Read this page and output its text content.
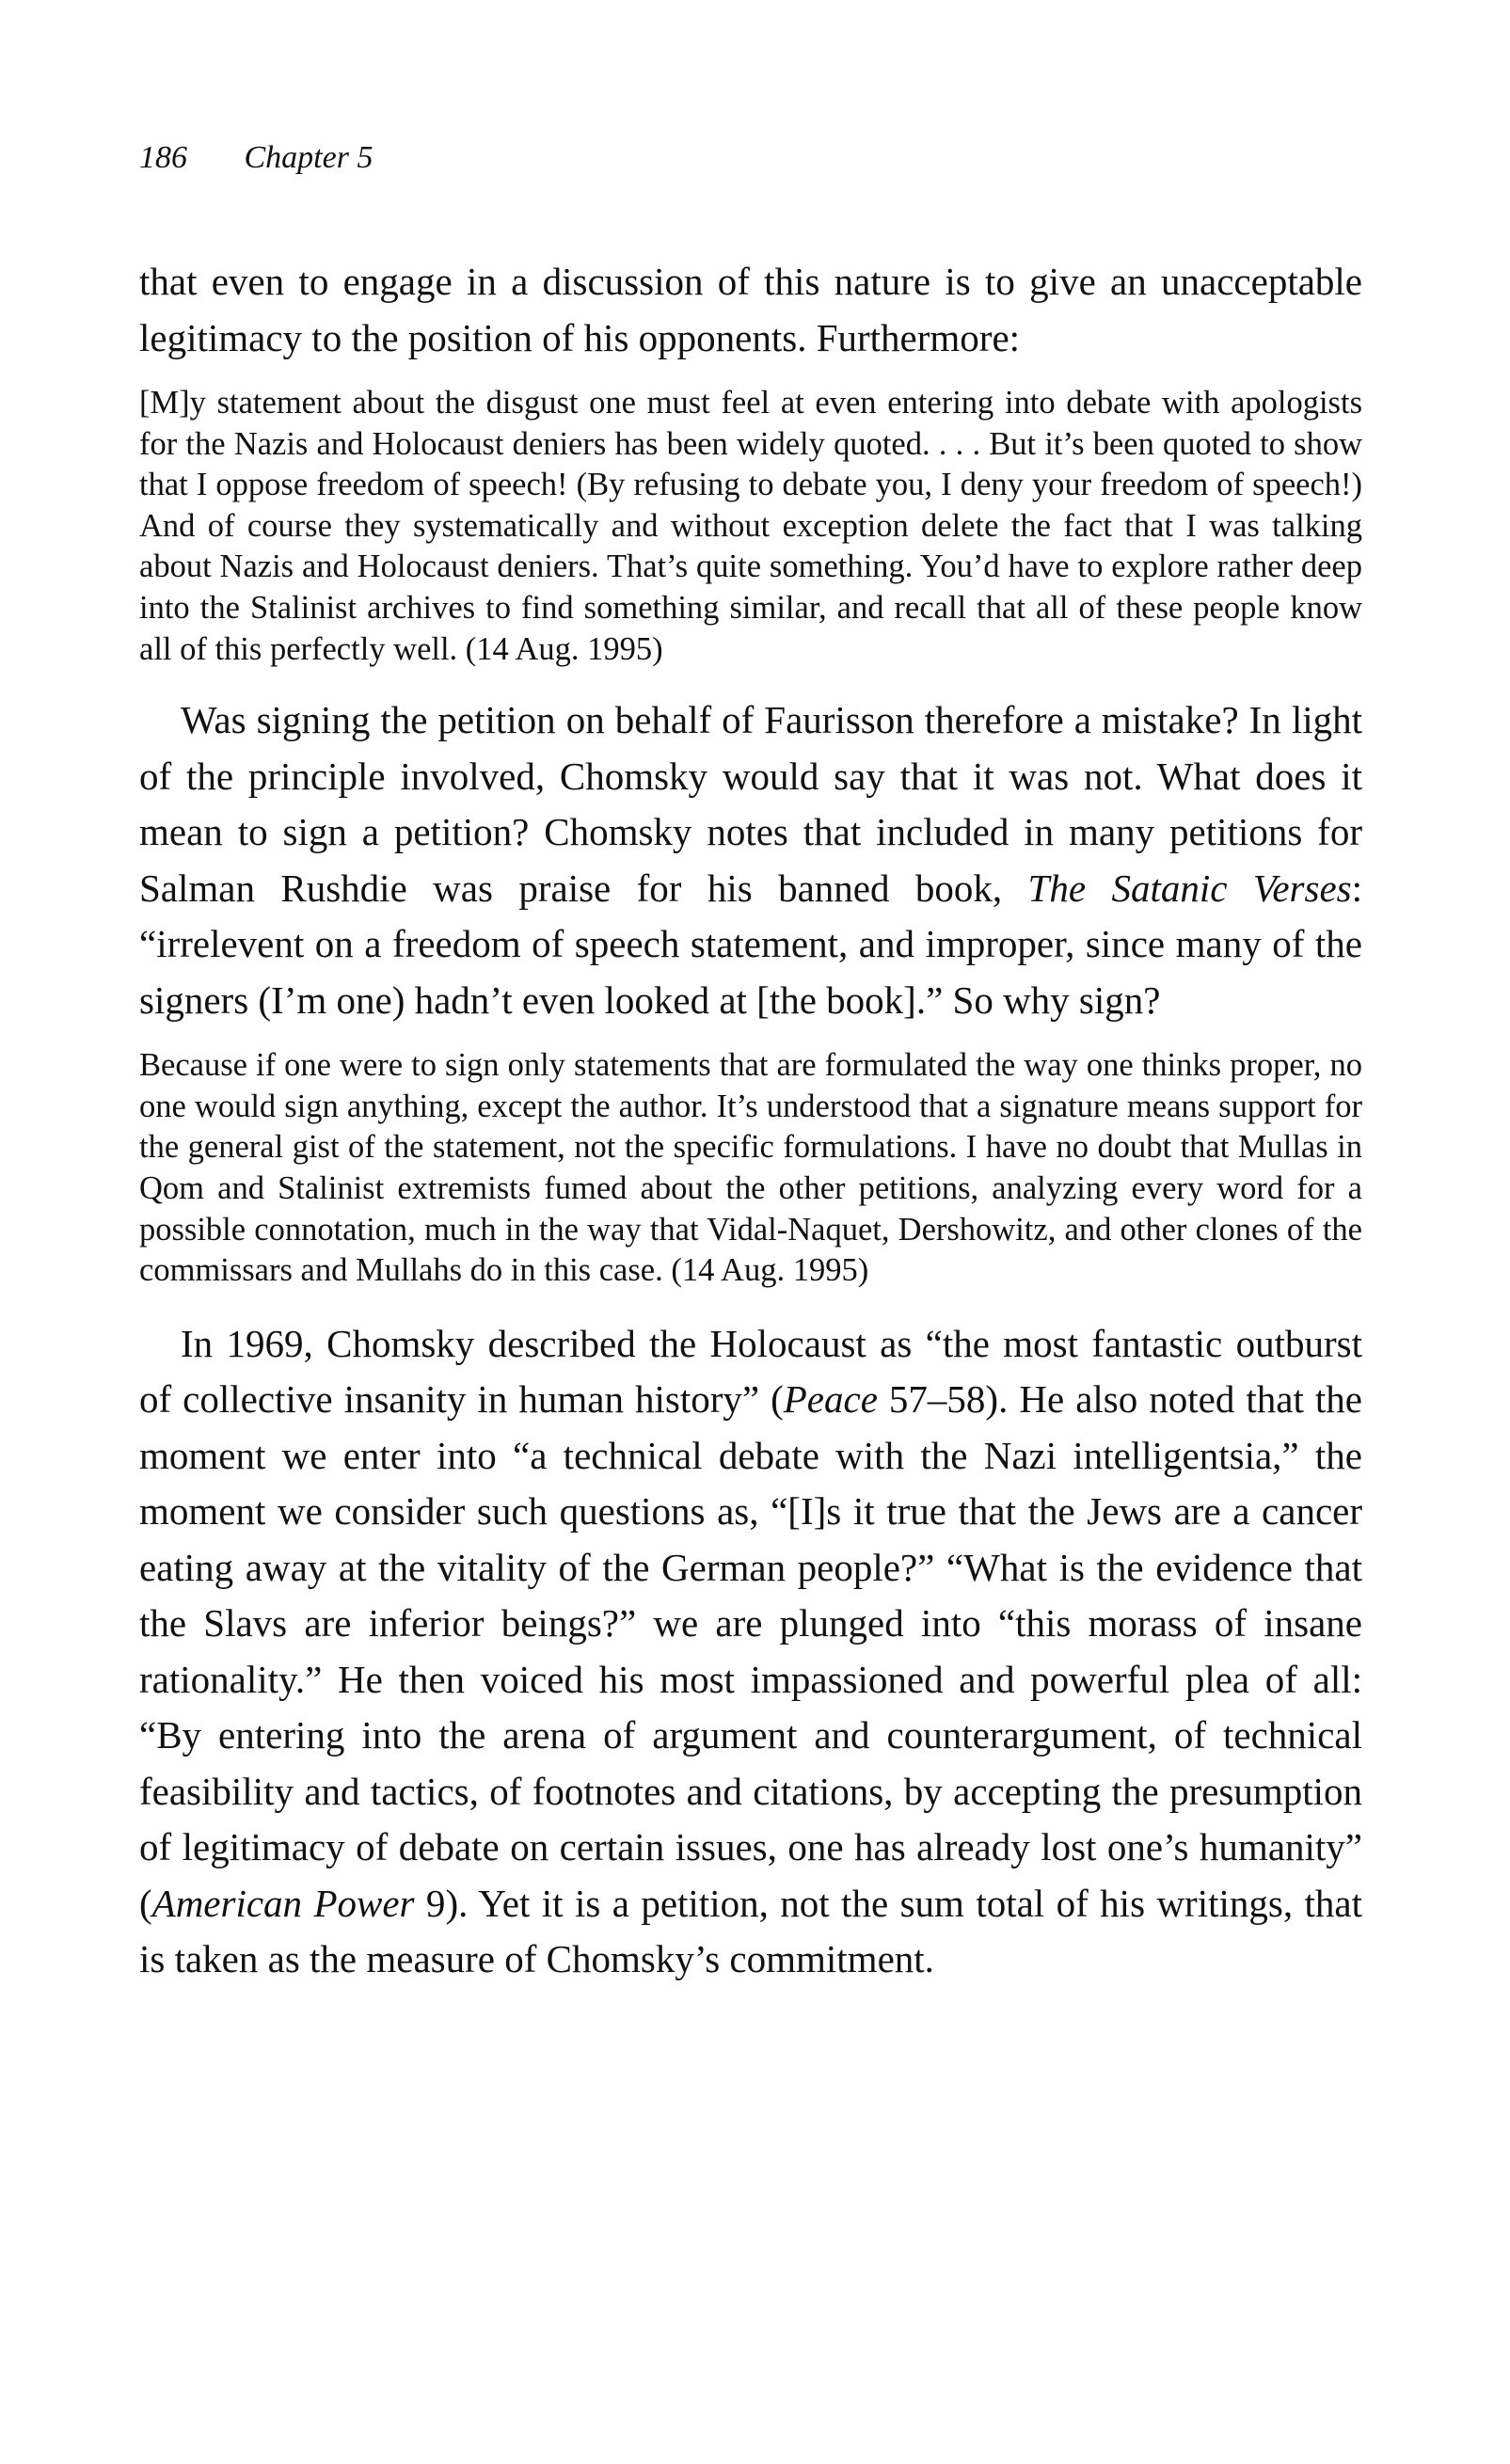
186 Chapter 5

that even to engage in a discussion of this nature is to give an unacceptable legitimacy to the position of his opponents. Furthermore:

[M]y statement about the disgust one must feel at even entering into debate with apologists for the Nazis and Holocaust deniers has been widely quoted. . . . But it’s been quoted to show that I oppose freedom of speech! (By refusing to debate you, I deny your freedom of speech!) And of course they systematically and without exception delete the fact that I was talking about Nazis and Holocaust deniers. That’s quite something. You’d have to explore rather deep into the Stalinist archives to find something similar, and recall that all of these people know all of this perfectly well. (14 Aug. 1995)

Was signing the petition on behalf of Faurisson therefore a mistake? In light of the principle involved, Chomsky would say that it was not. What does it mean to sign a petition? Chomsky notes that included in many petitions for Salman Rushdie was praise for his banned book, The Satanic Verses: “irrelevent on a freedom of speech statement, and improper, since many of the signers (I’m one) hadn’t even looked at [the book].” So why sign?

Because if one were to sign only statements that are formulated the way one thinks proper, no one would sign anything, except the author. It’s understood that a signature means support for the general gist of the statement, not the specific formulations. I have no doubt that Mullas in Qom and Stalinist extremists fumed about the other petitions, analyzing every word for a possible connotation, much in the way that Vidal-Naquet, Dershowitz, and other clones of the commissars and Mullahs do in this case. (14 Aug. 1995)

In 1969, Chomsky described the Holocaust as “the most fantastic outburst of collective insanity in human history” (Peace 57–58). He also noted that the moment we enter into “a technical debate with the Nazi intelligentsia,” the moment we consider such questions as, “[I]s it true that the Jews are a cancer eating away at the vitality of the German people?” “What is the evidence that the Slavs are inferior beings?” we are plunged into “this morass of insane rationality.” He then voiced his most impassioned and powerful plea of all: “By entering into the arena of argument and counterargument, of technical feasibility and tactics, of footnotes and citations, by accepting the presumption of legitimacy of debate on certain issues, one has already lost one’s humanity” (American Power 9). Yet it is a petition, not the sum total of his writings, that is taken as the measure of Chomsky’s commitment.
